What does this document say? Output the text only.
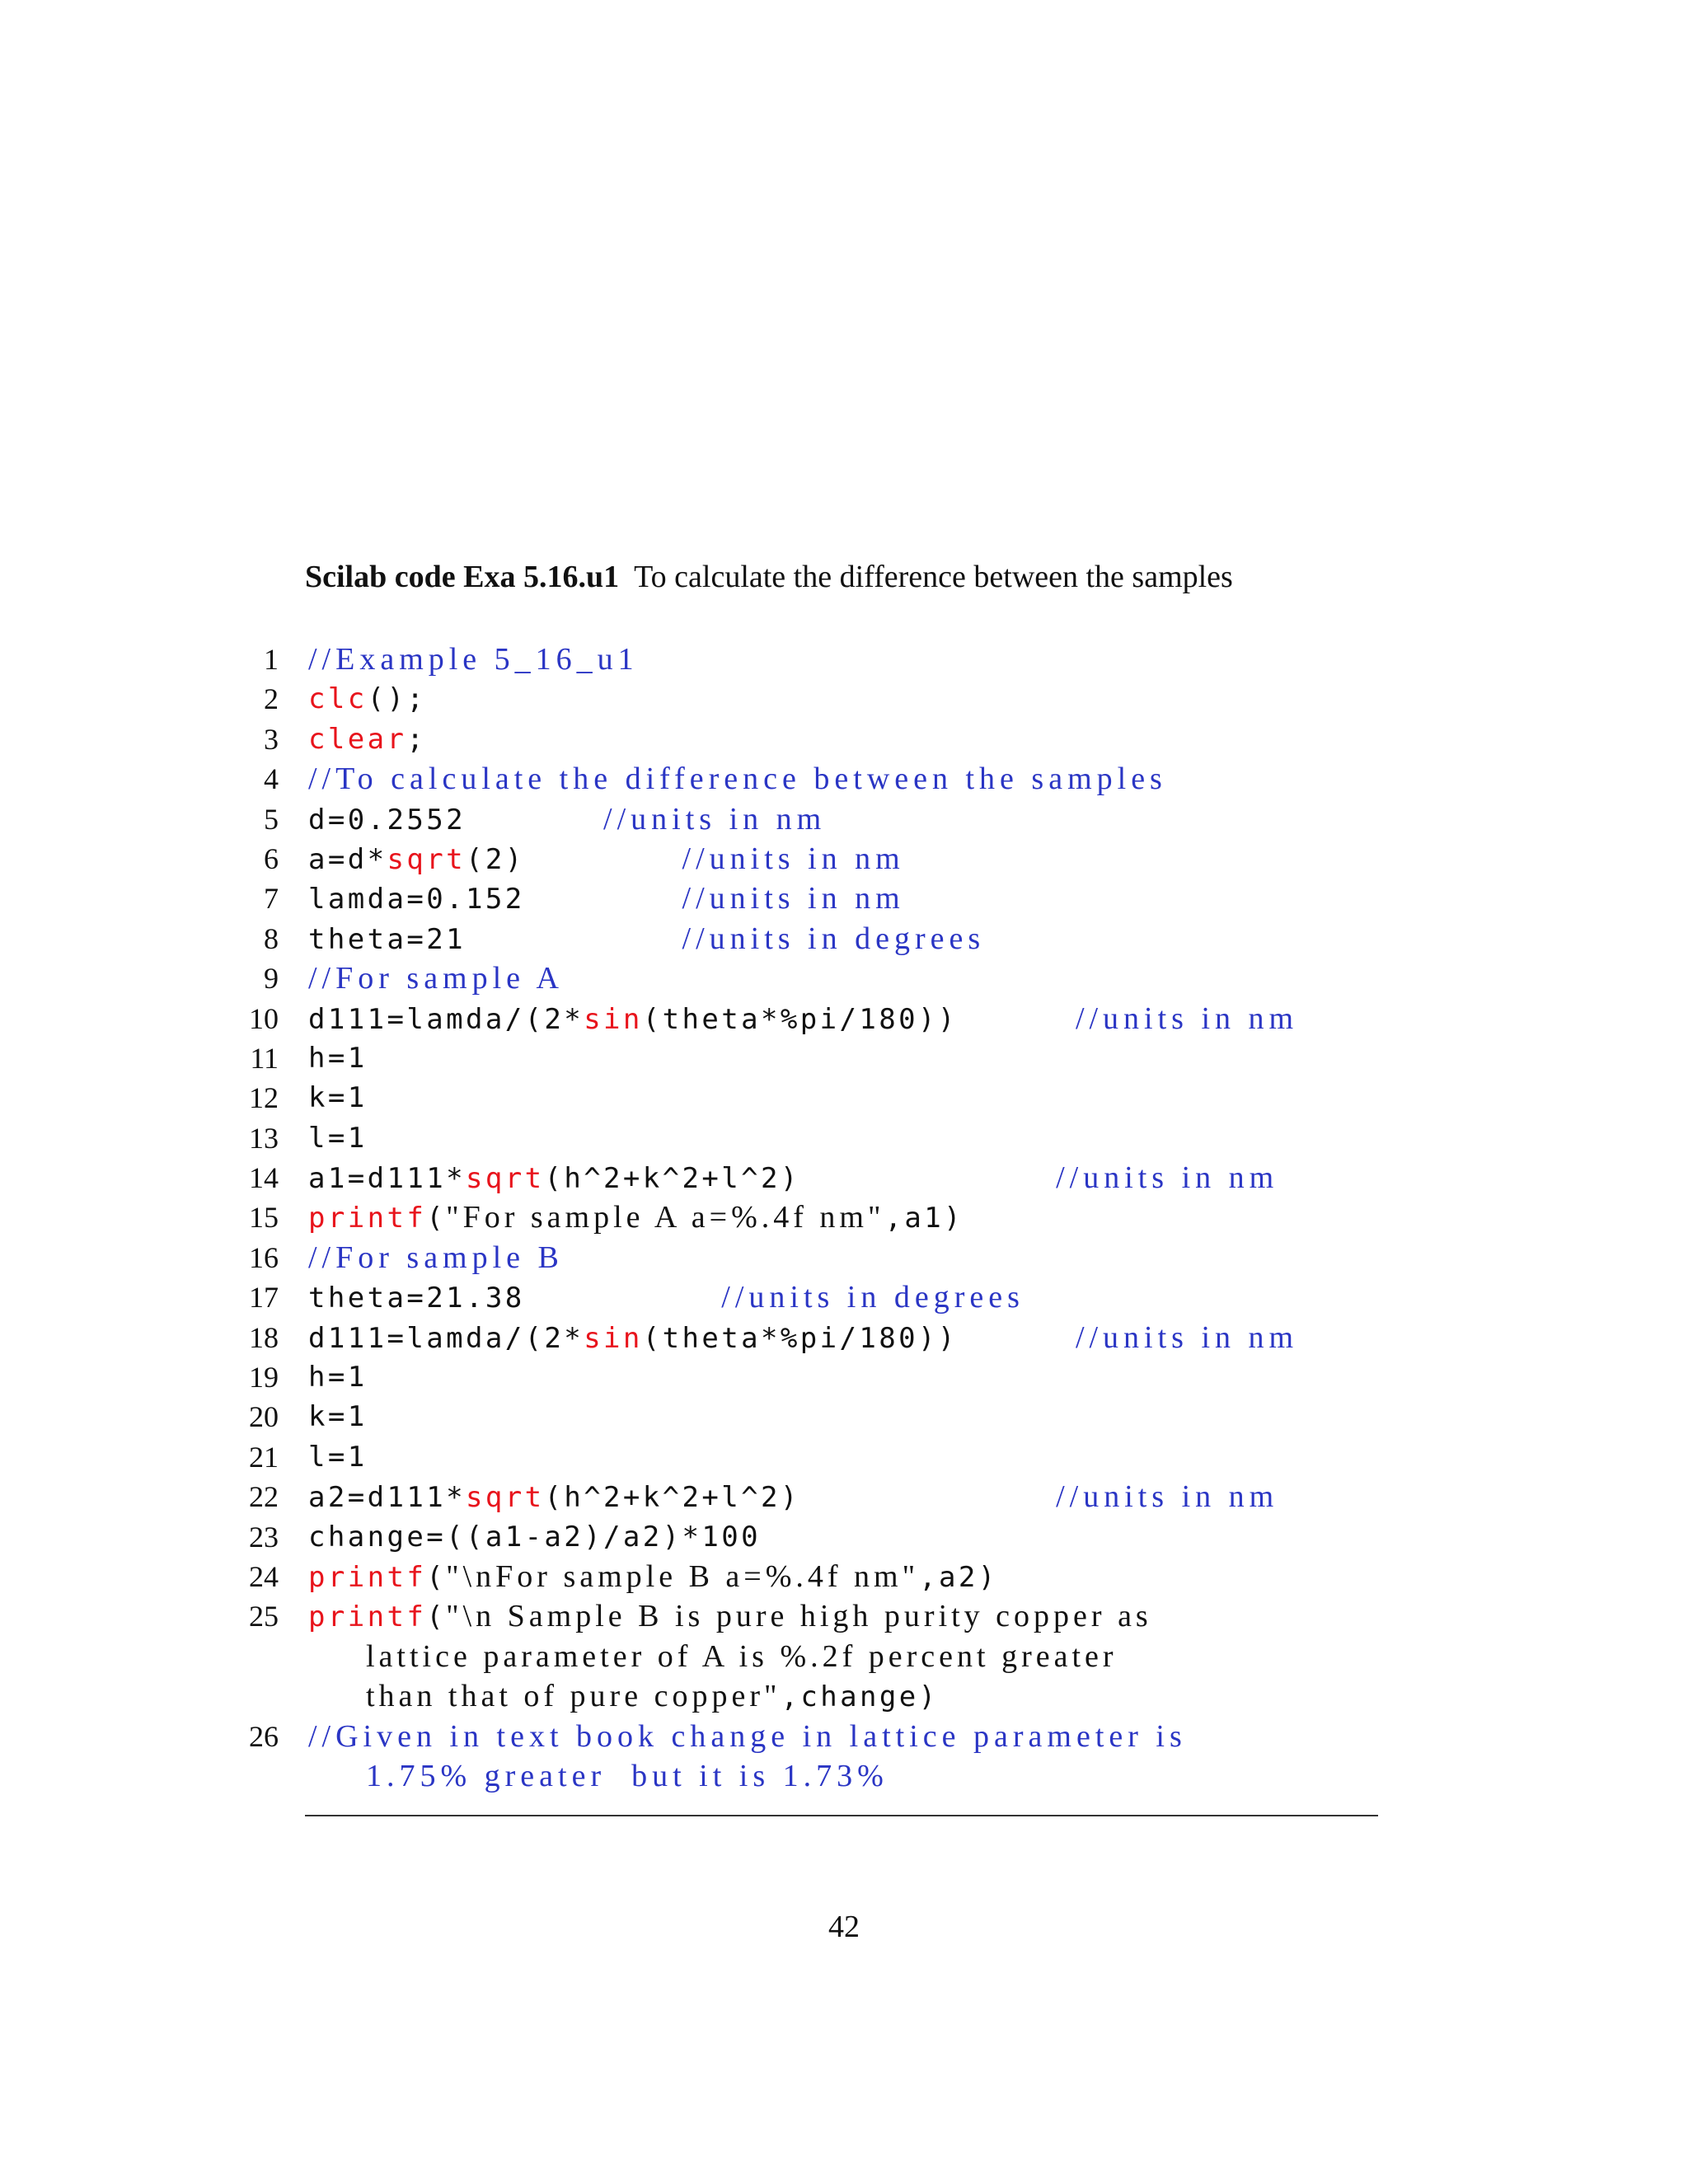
Scilab code Exa 5.16.u1 To calculate the difference between the samples
1 //Example 5_16_u1
2 clc();
3 clear;
4 //To calculate the difference between the samples
5 d=0.2552       //units in nm
6 a=d*sqrt(2)        //units in nm
7 lamda=0.152        //units in nm
8 theta=21           //units in degrees
9 //For sample A
10 d111=lamda/(2*sin(theta*%pi/180))      //units in nm
11 h=1
12 k=1
13 l=1
14 a1=d111*sqrt(h^2+k^2+l^2)             //units in nm
15 printf("For sample A a=%.4f nm",a1)
16 //For sample B
17 theta=21.38          //units in degrees
18 d111=lamda/(2*sin(theta*%pi/180))      //units in nm
19 h=1
20 k=1
21 l=1
22 a2=d111*sqrt(h^2+k^2+l^2)             //units in nm
23 change=((a1-a2)/a2)*100
24 printf("\nFor sample B a=%.4f nm",a2)
25 printf("\n Sample B is pure high purity copper as
lattice parameter of A is %.2f percent greater
than that of pure copper",change)
26 //Given in text book change in lattice parameter is
1.75% greater  but it is 1.73%
42
